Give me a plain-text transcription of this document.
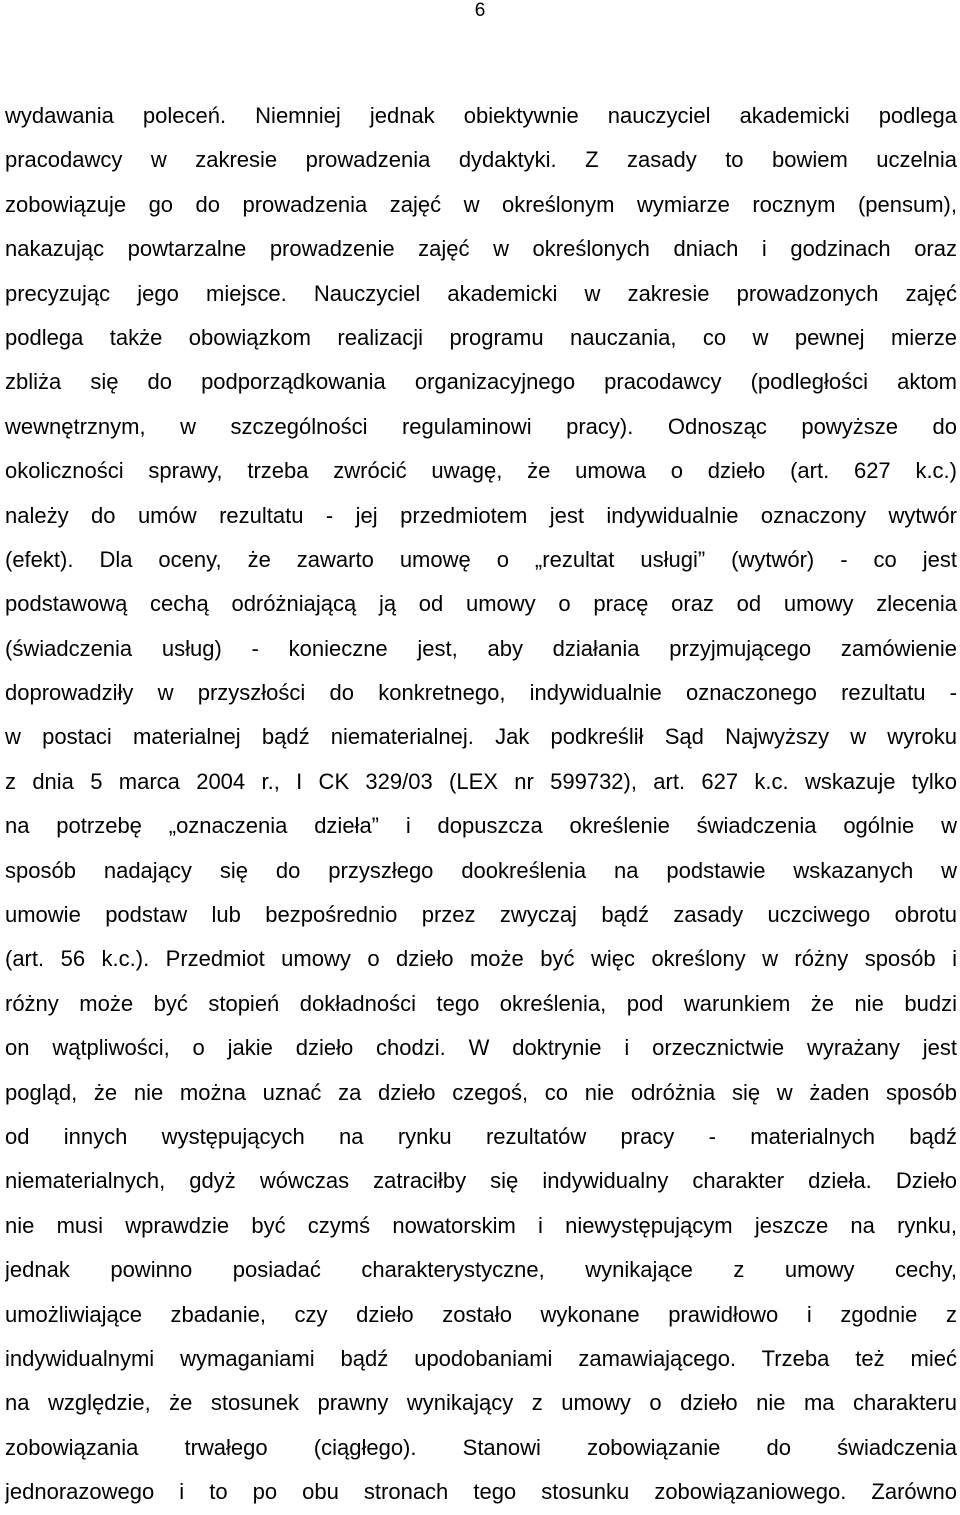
6
wydawania poleceń. Niemniej jednak obiektywnie nauczyciel akademicki podlega
pracodawcy w zakresie prowadzenia dydaktyki. Z zasady to bowiem uczelnia
zobowiązuje go do prowadzenia zajęć w określonym wymiarze rocznym (pensum),
nakazując powtarzalne prowadzenie zajęć w określonych dniach i godzinach oraz
precyzując jego miejsce. Nauczyciel akademicki w zakresie prowadzonych zajęć
podlega także obowiązkom realizacji programu nauczania, co w pewnej mierze
zbliża się do podporządkowania organizacyjnego pracodawcy (podległości aktom
wewnętrznym, w szczególności regulaminowi pracy). Odnosząc powyższe do
okoliczności sprawy, trzeba zwrócić uwagę, że umowa o dzieło (art. 627 k.c.)
należy do umów rezultatu - jej przedmiotem jest indywidualnie oznaczony wytwór
(efekt). Dla oceny, że zawarto umowę o „rezultat usługi” (wytwór) - co jest
podstawową cechą odróżniającą ją od umowy o pracę oraz od umowy zlecenia
(świadczenia usług) - konieczne jest, aby działania przyjmującego zamówienie
doprowadziły w przyszłości do konkretnego, indywidualnie oznaczonego rezultatu -
w postaci materialnej bądź niematerialnej. Jak podkreślił Sąd Najwyższy w wyroku
z dnia 5 marca 2004 r., I CK 329/03 (LEX nr 599732), art. 627 k.c. wskazuje tylko
na potrzebę „oznaczenia dzieła” i dopuszcza określenie świadczenia ogólnie w
sposób nadający się do przyszłego dookreślenia na podstawie wskazanych w
umowie podstaw lub bezpośrednio przez zwyczaj bądź zasady uczciwego obrotu
(art. 56 k.c.). Przedmiot umowy o dzieło może być więc określony w różny sposób i
różny może być stopień dokładności tego określenia, pod warunkiem że nie budzi
on wątpliwości, o jakie dzieło chodzi. W doktrynie i orzecznictwie wyrażany jest
pogląd, że nie można uznać za dzieło czegoś, co nie odróżnia się w żaden sposób
od innych występujących na rynku rezultatów pracy - materialnych bądź
niematerialnych, gdyż wówczas zatraciłby się indywidualny charakter dzieła. Dzieło
nie musi wprawdzie być czymś nowatorskim i niewystępującym jeszcze na rynku,
jednak powinno posiadać charakterystyczne, wynikające z umowy cechy,
umożliwiające zbadanie, czy dzieło zostało wykonane prawidłowo i zgodnie z
indywidualnymi wymaganiami bądź upodobaniami zamawiającego. Trzeba też mieć
na względzie, że stosunek prawny wynikający z umowy o dzieło nie ma charakteru
zobowiązania trwałego (ciągłego). Stanowi zobowiązanie do świadczenia
jednorazowego i to po obu stronach tego stosunku zobowiązaniowego. Zarówno
